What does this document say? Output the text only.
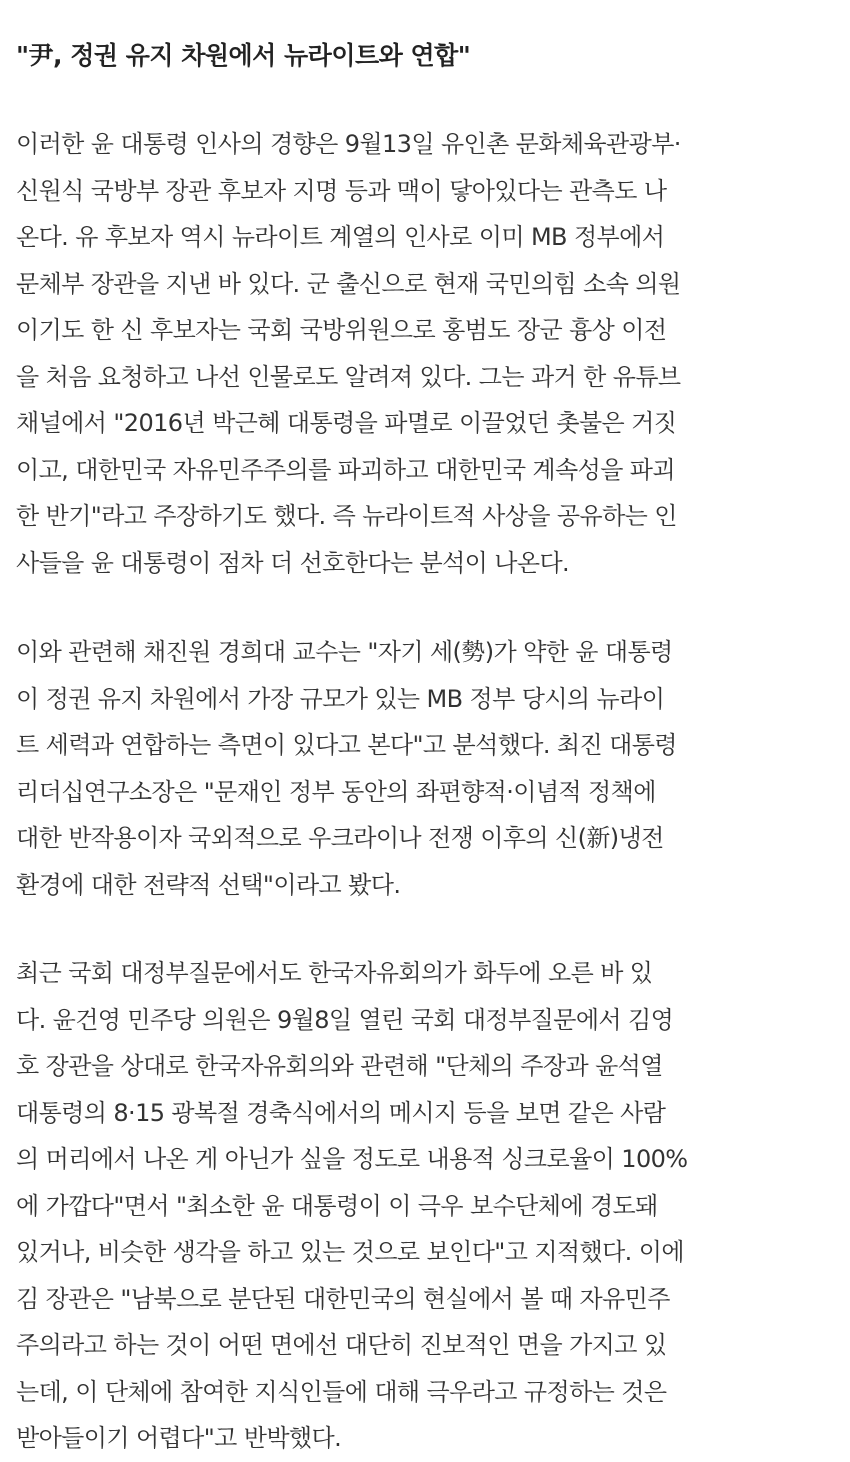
"尹, 정권 유지 차원에서 뉴라이트와 연합"

이러한 윤 대통령 인사의 경향은 9월13일 유인촌 문화체육관광부·
신원식 국방부 장관 후보자 지명 등과 맥이 닿아있다는 관측도 나
온다. 유 후보자 역시 뉴라이트 계열의 인사로 이미 MB 정부에서
문체부 장관을 지낸 바 있다. 군 출신으로 현재 국민의힘 소속 의원
이기도 한 신 후보자는 국회 국방위원으로 홍범도 장군 흉상 이전
을 처음 요청하고 나선 인물로도 알려져 있다. 그는 과거 한 유튜브
채널에서 "2016년 박근혜 대통령을 파멸로 이끌었던 촛불은 거짓
이고, 대한민국 자유민주주의를 파괴하고 대한민국 계속성을 파괴
한 반기"라고 주장하기도 했다. 즉 뉴라이트적 사상을 공유하는 인
사들을 윤 대통령이 점차 더 선호한다는 분석이 나온다.

이와 관련해 채진원 경희대 교수는 "자기 세(勢)가 약한 윤 대통령
이 정권 유지 차원에서 가장 규모가 있는 MB 정부 당시의 뉴라이
트 세력과 연합하는 측면이 있다고 본다"고 분석했다. 최진 대통령
리더십연구소장은 "문재인 정부 동안의 좌편향적·이념적 정책에
대한 반작용이자 국외적으로 우크라이나 전쟁 이후의 신(新)냉전
환경에 대한 전략적 선택"이라고 봤다.

최근 국회 대정부질문에서도 한국자유회의가 화두에 오른 바 있
다. 윤건영 민주당 의원은 9월8일 열린 국회 대정부질문에서 김영
호 장관을 상대로 한국자유회의와 관련해 "단체의 주장과 윤석열
대통령의 8·15 광복절 경축식에서의 메시지 등을 보면 같은 사람
의 머리에서 나온 게 아닌가 싶을 정도로 내용적 싱크로율이 100%
에 가깝다"면서 "최소한 윤 대통령이 이 극우 보수단체에 경도돼
있거나, 비슷한 생각을 하고 있는 것으로 보인다"고 지적했다. 이에
김 장관은 "남북으로 분단된 대한민국의 현실에서 볼 때 자유민주
주의라고 하는 것이 어떤 면에선 대단히 진보적인 면을 가지고 있
는데, 이 단체에 참여한 지식인들에 대해 극우라고 규정하는 것은
받아들이기 어렵다"고 반박했다.
